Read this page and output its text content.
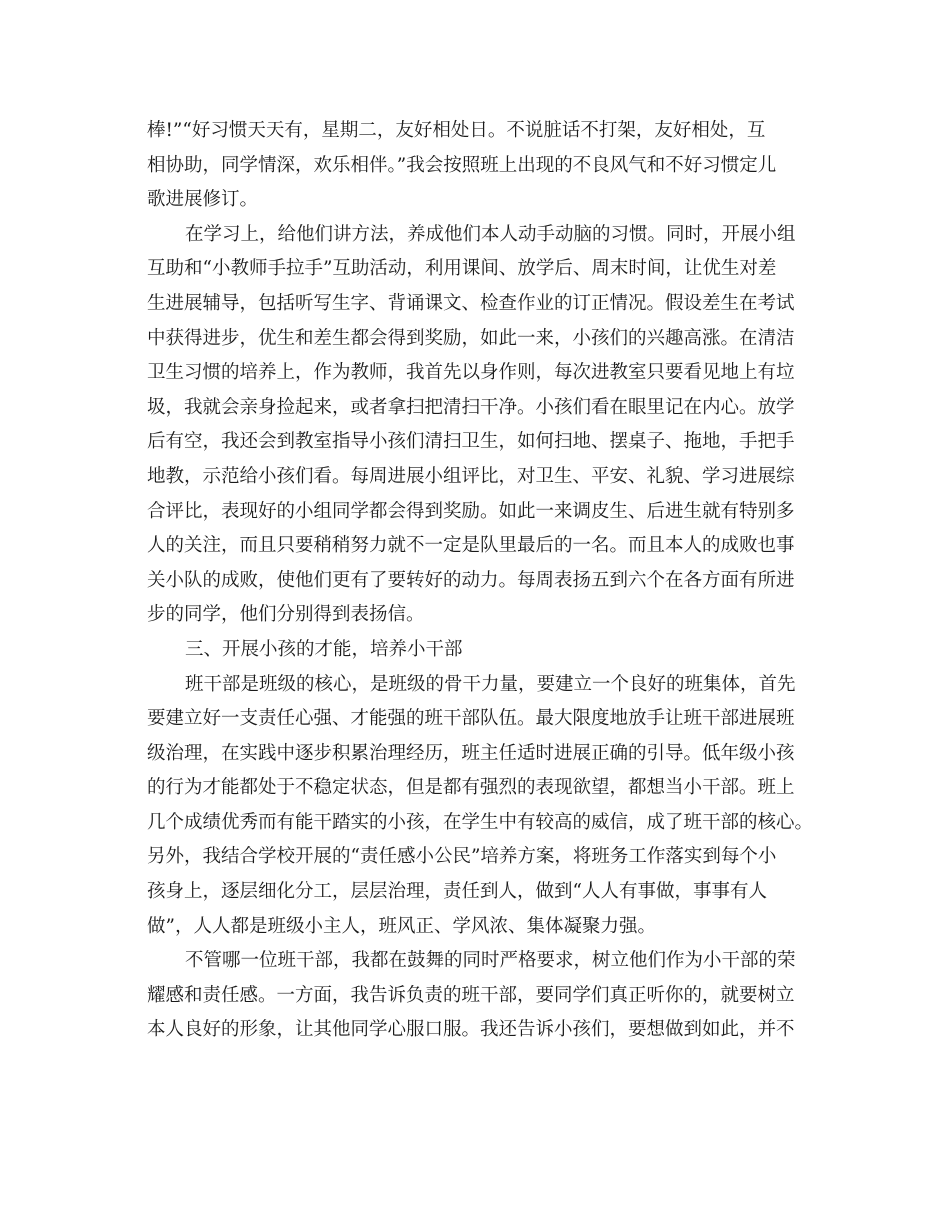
棒!”“好习惯天天有，星期二，友好相处日。不说脏话不打架，友好相处，互
相协助，同学情深，欢乐相伴。”我会按照班上出现的不良风气和不好习惯定儿
歌进展修订。
在学习上，给他们讲方法，养成他们本人动手动脑的习惯。同时，开展小组
互助和“小教师手拉手”互助活动，利用课间、放学后、周末时间，让优生对差
生进展辅导，包括听写生字、背诵课文、检查作业的订正情况。假设差生在考试
中获得进步，优生和差生都会得到奖励，如此一来，小孩们的兴趣高涨。在清洁
卫生习惯的培养上，作为教师，我首先以身作则，每次进教室只要看见地上有垃
圾，我就会亲身捡起来，或者拿扫把清扫干净。小孩们看在眼里记在内心。放学
后有空，我还会到教室指导小孩们清扫卫生，如何扫地、摆桌子、拖地，手把手
地教，示范给小孩们看。每周进展小组评比，对卫生、平安、礼貌、学习进展综
合评比，表现好的小组同学都会得到奖励。如此一来调皮生、后进生就有特别多
人的关注，而且只要稍稍努力就不一定是队里最后的一名。而且本人的成败也事
关小队的成败，使他们更有了要转好的动力。每周表扬五到六个在各方面有所进
步的同学，他们分别得到表扬信。
三、开展小孩的才能，培养小干部
班干部是班级的核心，是班级的骨干力量，要建立一个良好的班集体，首先
要建立好一支责任心强、才能强的班干部队伍。最大限度地放手让班干部进展班
级治理，在实践中逐步积累治理经历，班主任适时进展正确的引导。低年级小孩
的行为才能都处于不稳定状态，但是都有强烈的表现欲望，都想当小干部。班上
几个成绩优秀而有能干踏实的小孩，在学生中有较高的威信，成了班干部的核心。
另外，我结合学校开展的“责任感小公民”培养方案，将班务工作落实到每个小
孩身上，逐层细化分工，层层治理，责任到人，做到“人人有事做，事事有人
做”，人人都是班级小主人，班风正、学风浓、集体凝聚力强。
不管哪一位班干部，我都在鼓舞的同时严格要求，树立他们作为小干部的荣
耀感和责任感。一方面，我告诉负责的班干部，要同学们真正听你的，就要树立
本人良好的形象，让其他同学心服口服。我还告诉小孩们，要想做到如此，并不
